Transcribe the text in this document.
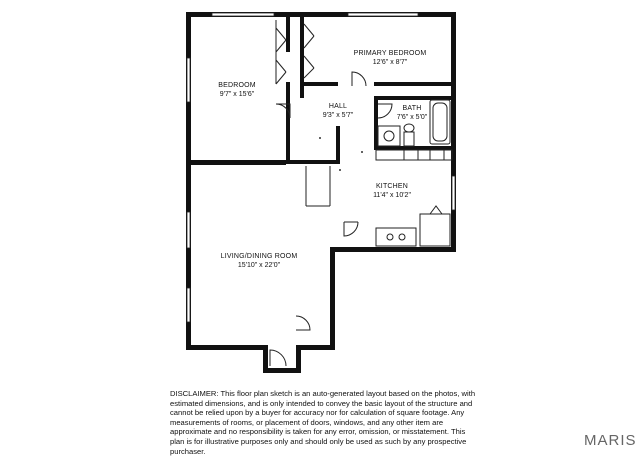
BEDROOM
9'7" x 15'6"
PRIMARY BEDROOM
12'6" x 8'7"
HALL
9'3" x 5'7"
BATH
7'6" x 5'0"
KITCHEN
11'4" x 10'2"
LIVING/DINING ROOM
15'10" x 22'0"
DISCLAIMER: This floor plan sketch is an auto-generated layout based on the photos, with estimated dimensions, and is only intended to convey the basic layout of the structure and cannot be relied upon by a buyer for accuracy nor for calculation of square footage. Any measurements of rooms, or placement of doors, windows, and any other item are approximate and no responsibility is taken for any error, omission, or misstatement. This plan is for illustrative purposes only and should only be used as such by any prospective purchaser.
MARIS
